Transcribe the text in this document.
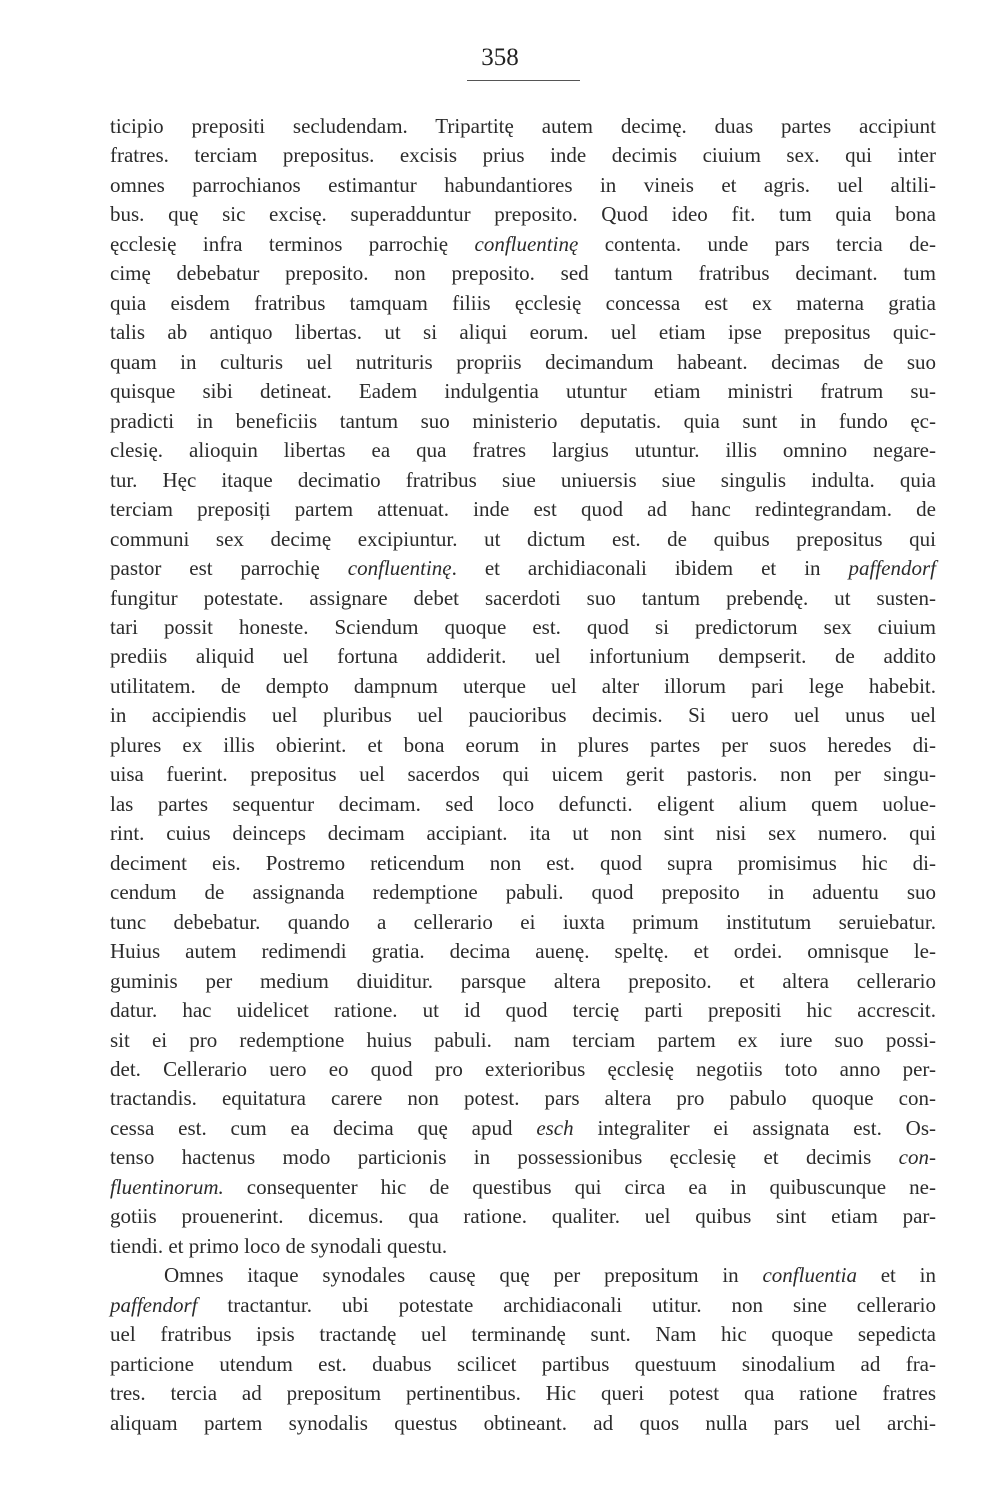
358
ticipio prepositi secludendam. Tripartitę autem decimę. duas partes accipiunt
fratres. terciam prepositus. excisis prius inde decimis ciuium sex. qui inter
omnes parrochianos estimantur habundantiores in vineis et agris. uel altili-
bus. quę sic excisę. superadduntur preposito. Quod ideo fit. tum quia bona
ęcclesię infra terminos parrochię confluentinę contenta. unde pars tercia de-
cimę debebatur preposito. non preposito. sed tantum fratribus decimant. tum
quia eisdem fratribus tamquam filiis ęcclesię concessa est ex materna gratia
talis ab antiquo libertas. ut si aliqui eorum. uel etiam ipse prepositus quic-
quam in culturis uel nutrituris propriis decimandum habeant. decimas de suo
quisque sibi detineat. Eadem indulgentia utuntur etiam ministri fratrum su-
pradicti in beneficiis tantum suo ministerio deputatis. quia sunt in fundo ęc-
clesię. alioquin libertas ea qua fratres largius utuntur. illis omnino negare-
tur. Hęc itaque decimatio fratribus siue uniuersis siue singulis indulta. quia
terciam preposiți partem attenuat. inde est quod ad hanc redintegrandam. de
communi sex decimę excipiuntur. ut dictum est. de quibus prepositus qui
pastor est parrochię confluentinę. et archidiaconali ibidem et in paffendorf
fungitur potestate. assignare debet sacerdoti suo tantum prebendę. ut susten-
tari possit honeste. Sciendum quoque est. quod si predictorum sex ciuium
prediis aliquid uel fortuna addiderit. uel infortunium dempserit. de addito
utilitatem. de dempto dampnum uterque uel alter illorum pari lege habebit.
in accipiendis uel pluribus uel paucioribus decimis. Si uero uel unus uel
plures ex illis obierint. et bona eorum in plures partes per suos heredes di-
uisa fuerint. prepositus uel sacerdos qui uicem gerit pastoris. non per singu-
las partes sequentur decimam. sed loco defuncti. eligent alium quem uolue-
rint. cuius deinceps decimam accipiant. ita ut non sint nisi sex numero. qui
deciment eis. Postremo reticendum non est. quod supra promisimus hic di-
cendum de assignanda redemptione pabuli. quod preposito in aduentu suo
tunc debebatur. quando a cellerario ei iuxta primum institutum seruiebatur.
Huius autem redimendi gratia. decima auenę. speltę. et ordei. omnisque le-
guminis per medium diuiditur. parsque altera preposito. et altera cellerario
datur. hac uidelicet ratione. ut id quod tercię parti prepositi hic accrescit.
sit ei pro redemptione huius pabuli. nam terciam partem ex iure suo possi-
det. Cellerario uero eo quod pro exterioribus ęcclesię negotiis toto anno per-
tractandis. equitatura carere non potest. pars altera pro pabulo quoque con-
cessa est. cum ea decima quę apud esch integraliter ei assignata est. Os-
tenso hactenus modo particionis in possessionibus ęcclesię et decimis con-
fluentinorum. consequenter hic de questibus qui circa ea in quibuscunque ne-
gotiis prouenerint. dicemus. qua ratione. qualiter. uel quibus sint etiam par-
tiendi. et primo loco de synodali questu.
Omnes itaque synodales causę quę per prepositum in confluentia et in
paffendorf tractantur. ubi potestate archidiaconali utitur. non sine cellerario
uel fratribus ipsis tractandę uel terminandę sunt. Nam hic quoque sepedicta
particione utendum est. duabus scilicet partibus questuum sinodalium ad fra-
tres. tercia ad prepositum pertinentibus. Hic queri potest qua ratione fratres
aliquam partem synodalis questus obtineant. ad quos nulla pars uel archi-
